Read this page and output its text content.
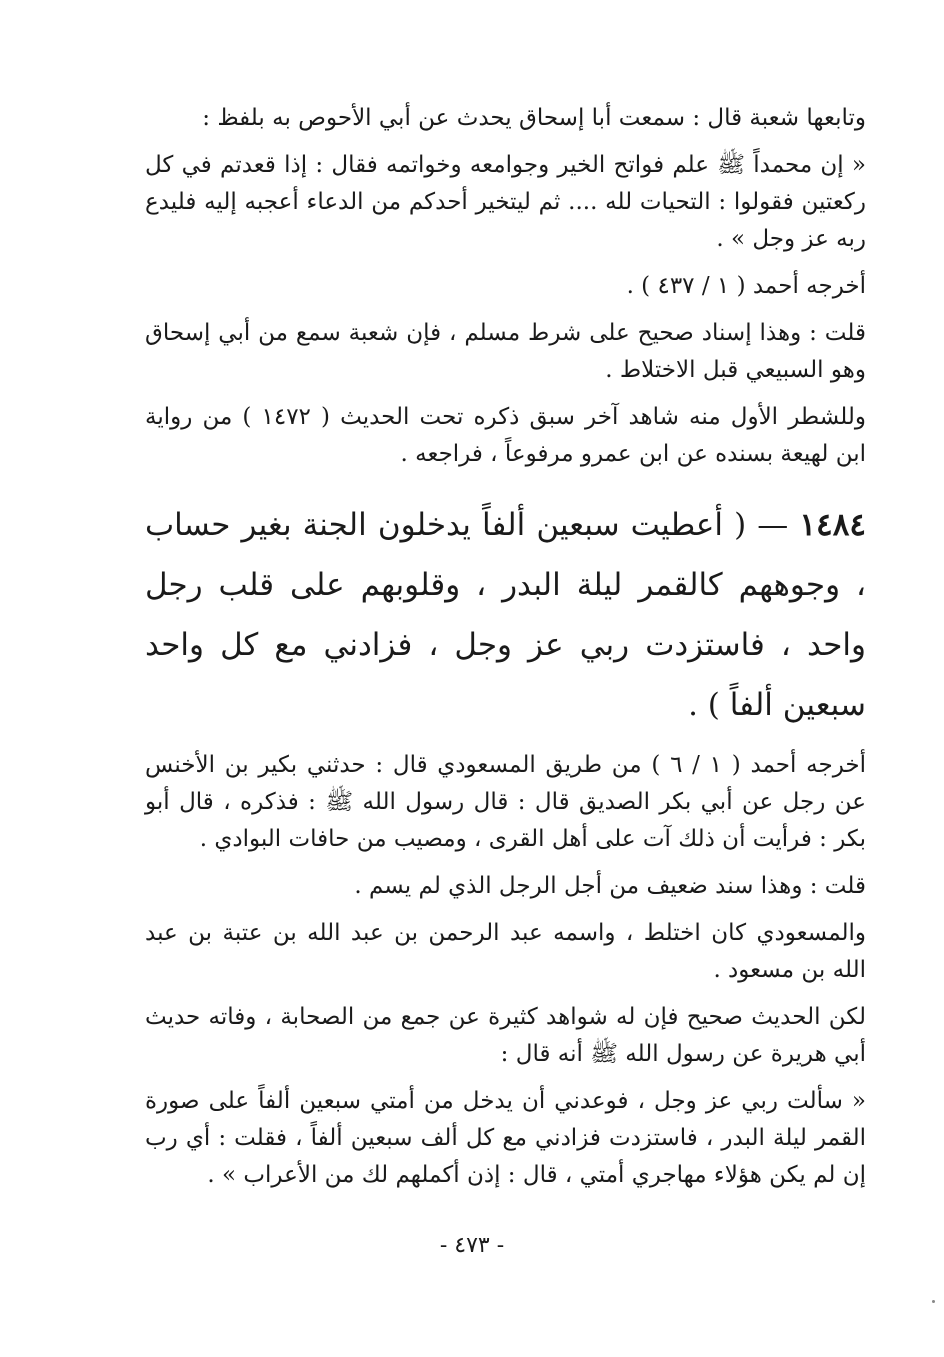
وتابعها شعبة قال : سمعت أبا إسحاق يحدث عن أبي الأحوص به بلفظ :

« إن محمداً ﷺ علم فواتح الخير وجوامعه وخواتمه فقال : إذا قعدتم في كل ركعتين فقولوا : التحيات لله .... ثم ليتخير أحدكم من الدعاء أعجبه إليه فليدع ربه عز وجل » .

أخرجه أحمد ( ١ / ٤٣٧ ) .

قلت : وهذا إسناد صحيح على شرط مسلم ، فإن شعبة سمع من أبي إسحاق وهو السبيعي قبل الاختلاط .

وللشطر الأول منه شاهد آخر سبق ذكره تحت الحديث ( ١٤٧٢ ) من رواية ابن لهيعة بسنده عن ابن عمرو مرفوعاً ، فراجعه .

١٤٨٤ — ( أعطيت سبعين ألفاً يدخلون الجنة بغير حساب ، وجوههم كالقمر ليلة البدر ، وقلوبهم على قلب رجل واحد ، فاستزدت ربي عز وجل ، فزادني مع كل واحد سبعين ألفاً ) .

أخرجه أحمد ( ١ / ٦ ) من طريق المسعودي قال : حدثني بكير بن الأخنس عن رجل عن أبي بكر الصديق قال : قال رسول الله ﷺ : فذكره ، قال أبو بكر : فرأيت أن ذلك آت على أهل القرى ، ومصيب من حافات البوادي .

قلت : وهذا سند ضعيف من أجل الرجل الذي لم يسم .

والمسعودي كان اختلط ، واسمه عبد الرحمن بن عبد الله بن عتبة بن عبد الله بن مسعود .

لكن الحديث صحيح فإن له شواهد كثيرة عن جمع من الصحابة ، وفاته حديث أبي هريرة عن رسول الله ﷺ أنه قال :

« سألت ربي عز وجل ، فوعدني أن يدخل من أمتي سبعين ألفاً على صورة القمر ليلة البدر ، فاستزدت فزادني مع كل ألف سبعين ألفاً ، فقلت : أي رب إن لم يكن هؤلاء مهاجري أمتي ، قال : إذن أكملهم لك من الأعراب » .

- ٤٧٣ -
